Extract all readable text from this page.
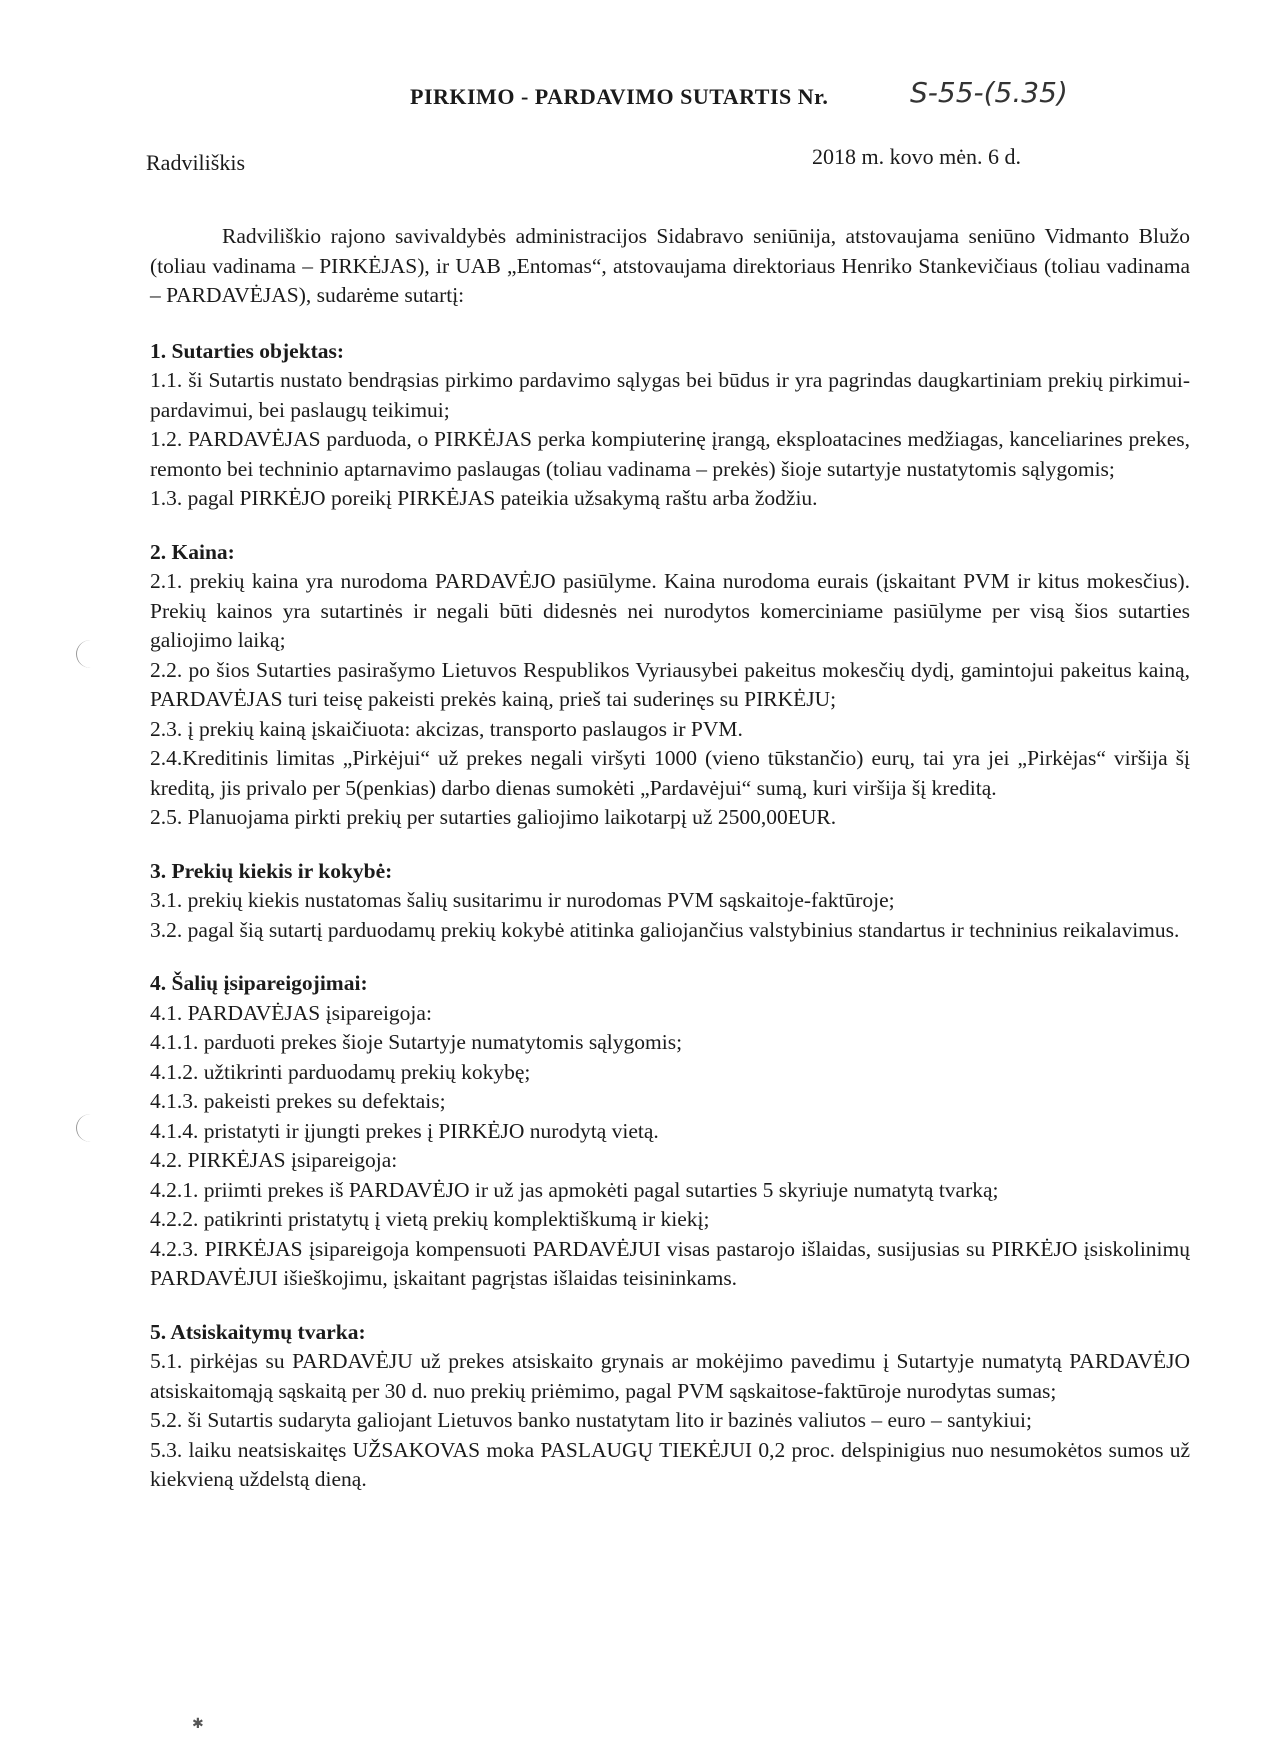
PIRKIMO - PARDAVIMO SUTARTIS Nr.	S-55-(5.35)
Radviliškis	2018 m. kovo mėn. 6 d.

Radviliškio rajono savivaldybės administracijos Sidabravo seniūnija, atstovaujama seniūno Vidmanto Blužo (toliau vadinama – PIRKĖJAS), ir UAB „Entomas“, atstovaujama direktoriaus Henriko Stankevičiaus (toliau vadinama – PARDAVĖJAS), sudarėme sutartį:

1. Sutarties objektas:

1.1. ši Sutartis nustato bendrąsias pirkimo pardavimo sąlygas bei būdus ir yra pagrindas daugkartiniam prekių pirkimui-pardavimui, bei paslaugų teikimui;

1.2. PARDAVĖJAS parduoda, o PIRKĖJAS perka kompiuterinę įrangą, eksploatacines medžiagas, kanceliarines prekes, remonto bei techninio aptarnavimo paslaugas (toliau vadinama – prekės) šioje sutartyje nustatytomis sąlygomis;

1.3. pagal PIRKĖJO poreikį PIRKĖJAS pateikia užsakymą raštu arba žodžiu.

2. Kaina:

2.1. prekių kaina yra nurodoma PARDAVĖJO pasiūlyme. Kaina nurodoma eurais (įskaitant PVM ir kitus mokesčius). Prekių kainos yra sutartinės ir negali būti didesnės nei nurodytos komerciniame pasiūlyme per visą šios sutarties galiojimo laiką;

2.2. po šios Sutarties pasirašymo Lietuvos Respublikos Vyriausybei pakeitus mokesčių dydį, gamintojui pakeitus kainą, PARDAVĖJAS turi teisę pakeisti prekės kainą, prieš tai suderinęs su PIRKĖJU;

2.3. į prekių kainą įskaičiuota: akcizas, transporto paslaugos ir PVM.

2.4.Kreditinis limitas „Pirkėjui“ už prekes negali viršyti 1000 (vieno tūkstančio) eurų, tai yra jei „Pirkėjas“ viršija šį kreditą, jis privalo per 5(penkias) darbo dienas sumokėti „Pardavėjui“ sumą, kuri viršija šį kreditą.

2.5. Planuojama pirkti prekių per sutarties galiojimo laikotarpį už 2500,00EUR.

3. Prekių kiekis ir kokybė:

3.1. prekių kiekis nustatomas šalių susitarimu ir nurodomas PVM sąskaitoje-faktūroje;

3.2. pagal šią sutartį parduodamų prekių kokybė atitinka galiojančius valstybinius standartus ir techninius reikalavimus.

4. Šalių įsipareigojimai:

4.1. PARDAVĖJAS įsipareigoja:

4.1.1. parduoti prekes šioje Sutartyje numatytomis sąlygomis;

4.1.2. užtikrinti parduodamų prekių kokybę;

4.1.3. pakeisti prekes su defektais;

4.1.4. pristatyti ir įjungti prekes į PIRKĖJO nurodytą vietą.

4.2. PIRKĖJAS įsipareigoja:

4.2.1. priimti prekes iš PARDAVĖJO ir už jas apmokėti pagal sutarties 5 skyriuje numatytą tvarką;

4.2.2. patikrinti pristatytų į vietą prekių komplektiškumą ir kiekį;

4.2.3. PIRKĖJAS įsipareigoja kompensuoti PARDAVĖJUI visas pastarojo išlaidas, susijusias su PIRKĖJO įsiskolinimų PARDAVĖJUI išieškojimu, įskaitant pagrįstas išlaidas teisininkams.

5. Atsiskaitymų tvarka:

5.1. pirkėjas su PARDAVĖJU už prekes atsiskaito grynais ar mokėjimo pavedimu į Sutartyje numatytą PARDAVĖJO atsiskaitomąją sąskaitą per 30 d. nuo prekių priėmimo, pagal PVM sąskaitose-faktūroje nurodytas sumas;

5.2. ši Sutartis sudaryta galiojant Lietuvos banko nustatytam lito ir bazinės valiutos – euro – santykiui;

5.3. laiku neatsiskaitęs UŽSAKOVAS moka PASLAUGŲ TIEKĖJUI 0,2 proc. delspinigius nuo nesumokėtos sumos už kiekvieną uždelstą dieną.

✱
